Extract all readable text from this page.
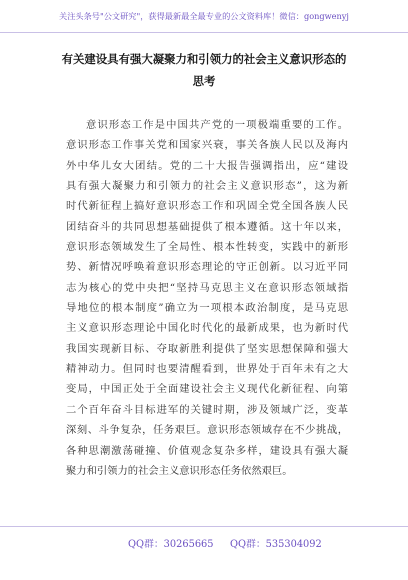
关注头条号"公文研究"，获得最新最全最专业的公文资料库！微信：gongwenyj
有关建设具有强大凝聚力和引领力的社会主义意识形态的
思考
意识形态工作是中国共产党的一项极端重要的工作。
意识形态工作事关党和国家兴衰，事关各族人民以及海内
外中华儿女大团结。党的二十大报告强调指出，应“建设
具有强大凝聚力和引领力的社会主义意识形态”，这为新
时代新征程上搞好意识形态工作和巩固全党全国各族人民
团结奋斗的共同思想基础提供了根本遵循。这十年以来，
意识形态领域发生了全局性、根本性转变，实践中的新形
势、新情况呼唤着意识形态理论的守正创新。以习近平同
志为核心的党中央把“坚持马克思主义在意识形态领域指
导地位的根本制度”确立为一项根本政治制度，是马克思
主义意识形态理论中国化时代化的最新成果，也为新时代
我国实现新目标、夺取新胜利提供了坚实思想保障和强大
精神动力。但同时也要清醒看到，世界处于百年未有之大
变局，中国正处于全面建设社会主义现代化新征程、向第
二个百年奋斗目标进军的关键时期，涉及领域广泛，变革
深刻、斗争复杂，任务艰巨。意识形态领域存在不少挑战，
各种思潮激荡碰撞、价值观念复杂多样，建设具有强大凝
聚力和引领力的社会主义意识形态任务依然艰巨。
QQ群：30265665 QQ群：535304092
